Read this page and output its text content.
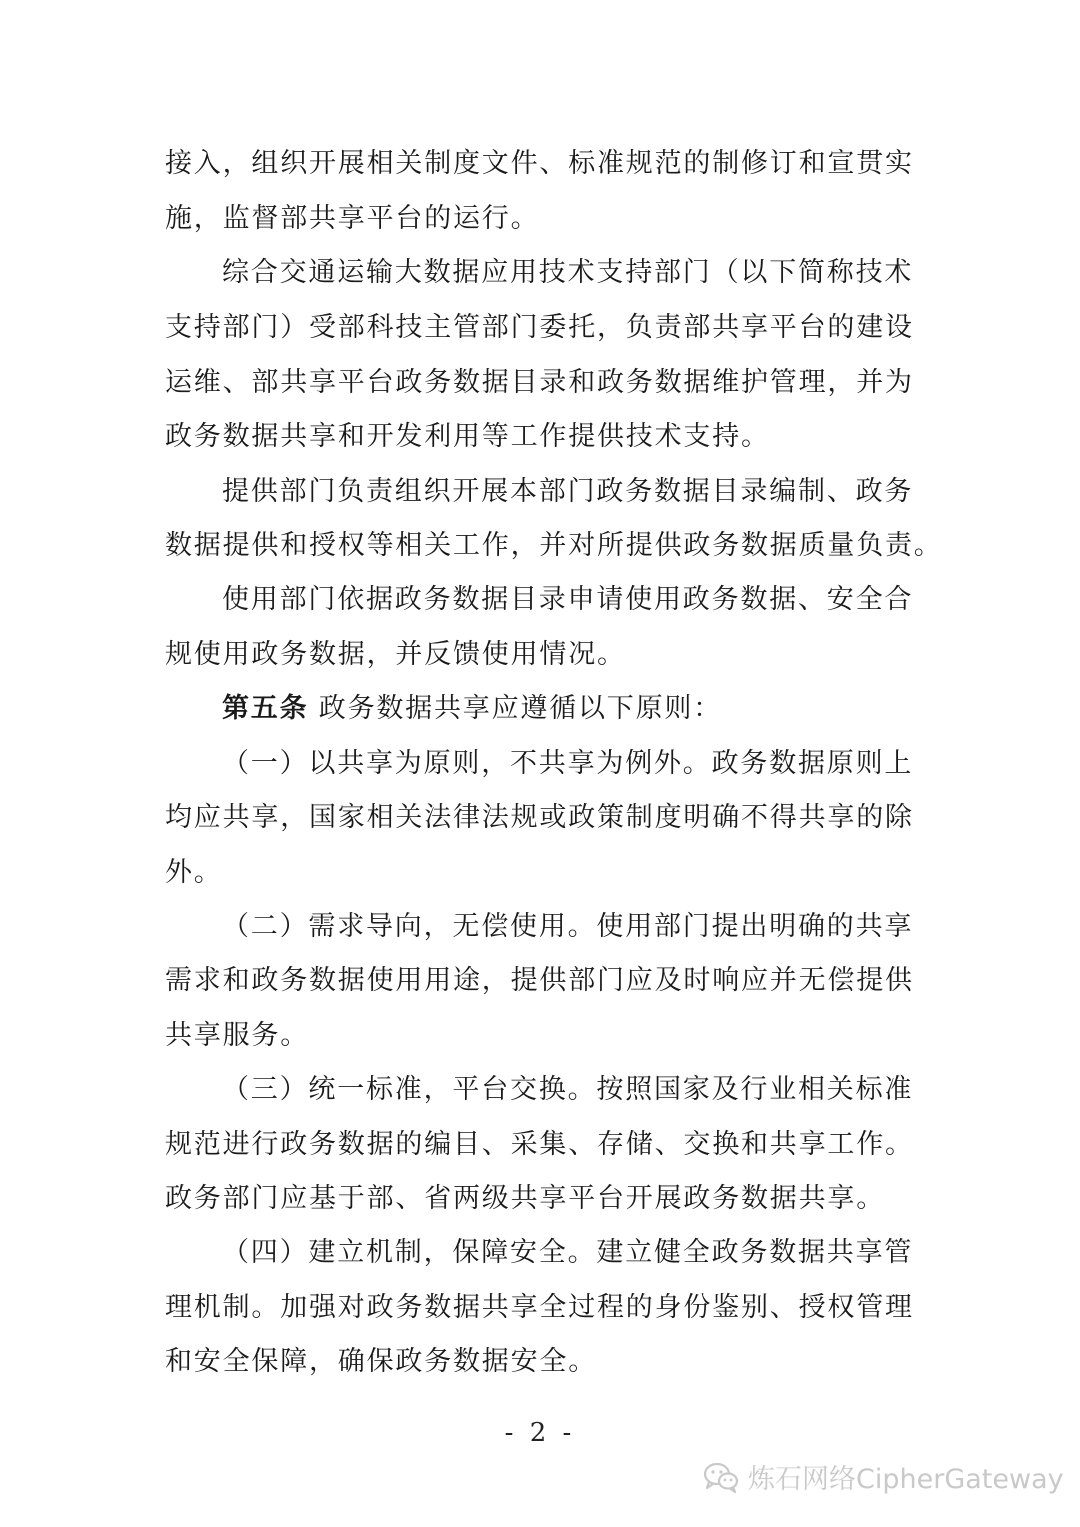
接入，组织开展相关制度文件、标准规范的制修订和宣贯实
施，监督部共享平台的运行。
综合交通运输大数据应用技术支持部门（以下简称技术
支持部门）受部科技主管部门委托，负责部共享平台的建设
运维、部共享平台政务数据目录和政务数据维护管理，并为
政务数据共享和开发利用等工作提供技术支持。
提供部门负责组织开展本部门政务数据目录编制、政务
数据提供和授权等相关工作，并对所提供政务数据质量负责。
使用部门依据政务数据目录申请使用政务数据、安全合
规使用政务数据，并反馈使用情况。
第五条 政务数据共享应遵循以下原则：
（一）以共享为原则，不共享为例外。政务数据原则上
均应共享，国家相关法律法规或政策制度明确不得共享的除
外。
（二）需求导向，无偿使用。使用部门提出明确的共享
需求和政务数据使用用途，提供部门应及时响应并无偿提供
共享服务。
（三）统一标准，平台交换。按照国家及行业相关标准
规范进行政务数据的编目、采集、存储、交换和共享工作。
政务部门应基于部、省两级共享平台开展政务数据共享。
（四）建立机制，保障安全。建立健全政务数据共享管
理机制。加强对政务数据共享全过程的身份鉴别、授权管理
和安全保障，确保政务数据安全。
- 2 -
炼石网络CipherGateway
